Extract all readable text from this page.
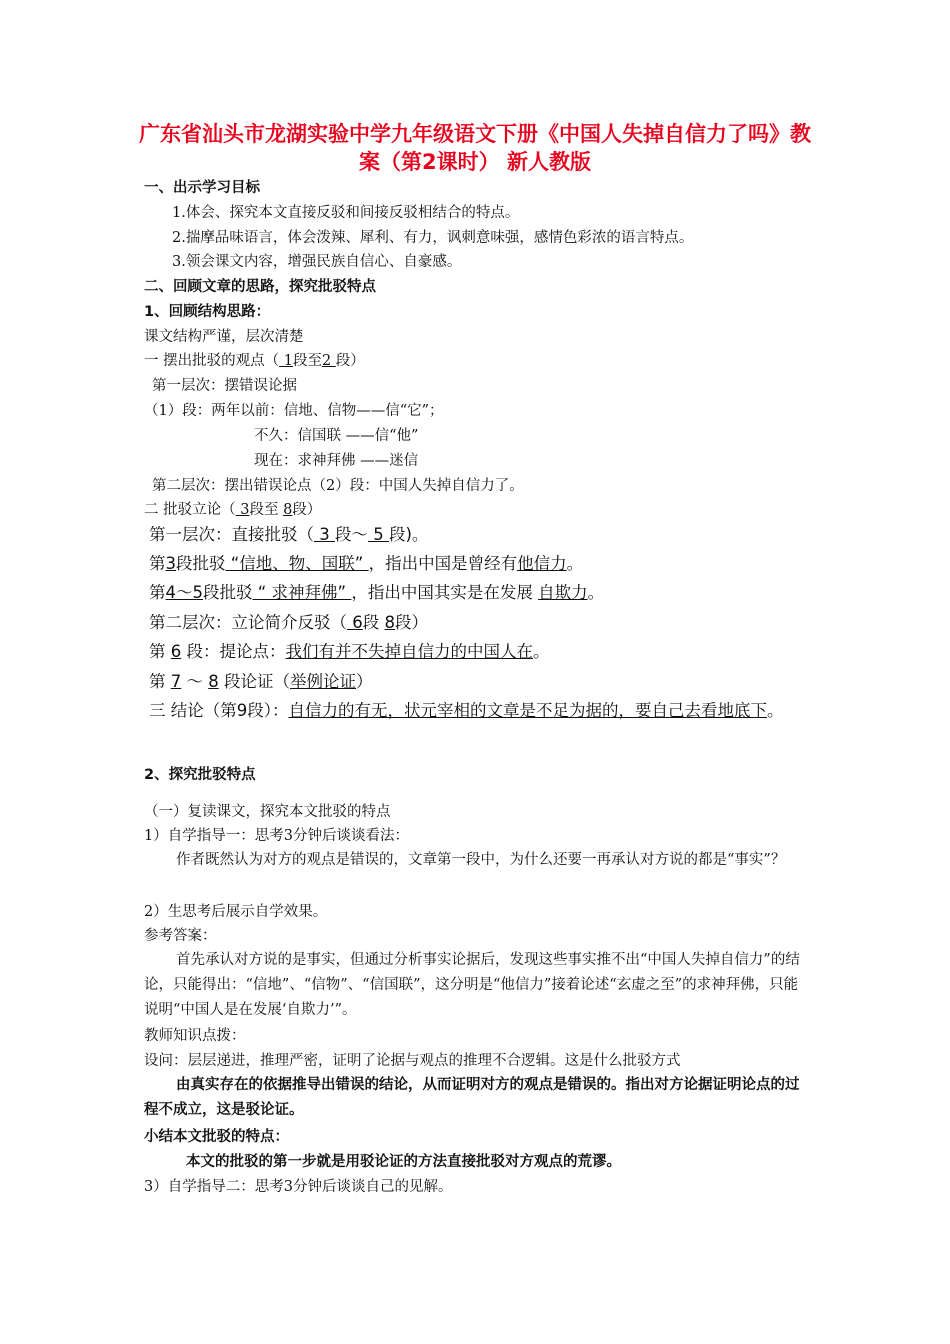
广东省汕头市龙湖实验中学九年级语文下册《中国人失掉自信力了吗》教案（第2课时） 新人教版
一、出示学习目标
1.体会、探究本文直接反驳和间接反驳相结合的特点。
2.揣摩品味语言，体会泼辣、犀利、有力，讽刺意味强，感情色彩浓的语言特点。
3.领会课文内容，增强民族自信心、自豪感。
二、回顾文章的思路，探究批驳特点
1、回顾结构思路：
课文结构严谨，层次清楚
一 摆出批驳的观点（ 1段至2 段）
第一层次：摆错误论据
（1）段：两年以前：信地、信物——信“它”；
不久：信国联 ——信“他”
现在：求神拜佛 ——迷信
第二层次：摆出错误论点（2）段：中国人失掉自信力了。
二 批驳立论（ 3段至 8段）
第一层次：直接批驳（ 3 段～ 5 段)。
第3段批驳 “信地、物、国联” ，指出中国是曾经有他信力。
第4～5段批驳 “ 求神拜佛” ，指出中国其实是在发展 自欺力。
第二层次：立论简介反驳（ 6段 8段）
第 6 段：提论点：我们有并不失掉自信力的中国人在。
第 7 ～ 8 段论证（举例论证）
三 结论（第9段）：自信力的有无，状元宰相的文章是不足为据的，要自己去看地底下。
2、探究批驳特点
（一）复读课文，探究本文批驳的特点
1）自学指导一：思考3分钟后谈谈看法：
作者既然认为对方的观点是错误的，文章第一段中，为什么还要一再承认对方说的都是“事实”？
2）生思考后展示自学效果。
参考答案：
首先承认对方说的是事实，但通过分析事实论据后，发现这些事实推不出“中国人失掉自信力”的结论，只能得出：“信地”、“信物”、“信国联”，这分明是“他信力”接着论述“玄虚之至”的求神拜佛，只能说明“中国人是在发展‘自欺力’”。
教师知识点拨：
设问：层层递进，推理严密，证明了论据与观点的推理不合逻辑。这是什么批驳方式
由真实存在的依据推导出错误的结论，从而证明对方的观点是错误的。指出对方论据证明论点的过程不成立，这是驳论证。
小结本文批驳的特点：
本文的批驳的第一步就是用驳论证的方法直接批驳对方观点的荒谬。
3）自学指导二：思考3分钟后谈谈自己的见解。
